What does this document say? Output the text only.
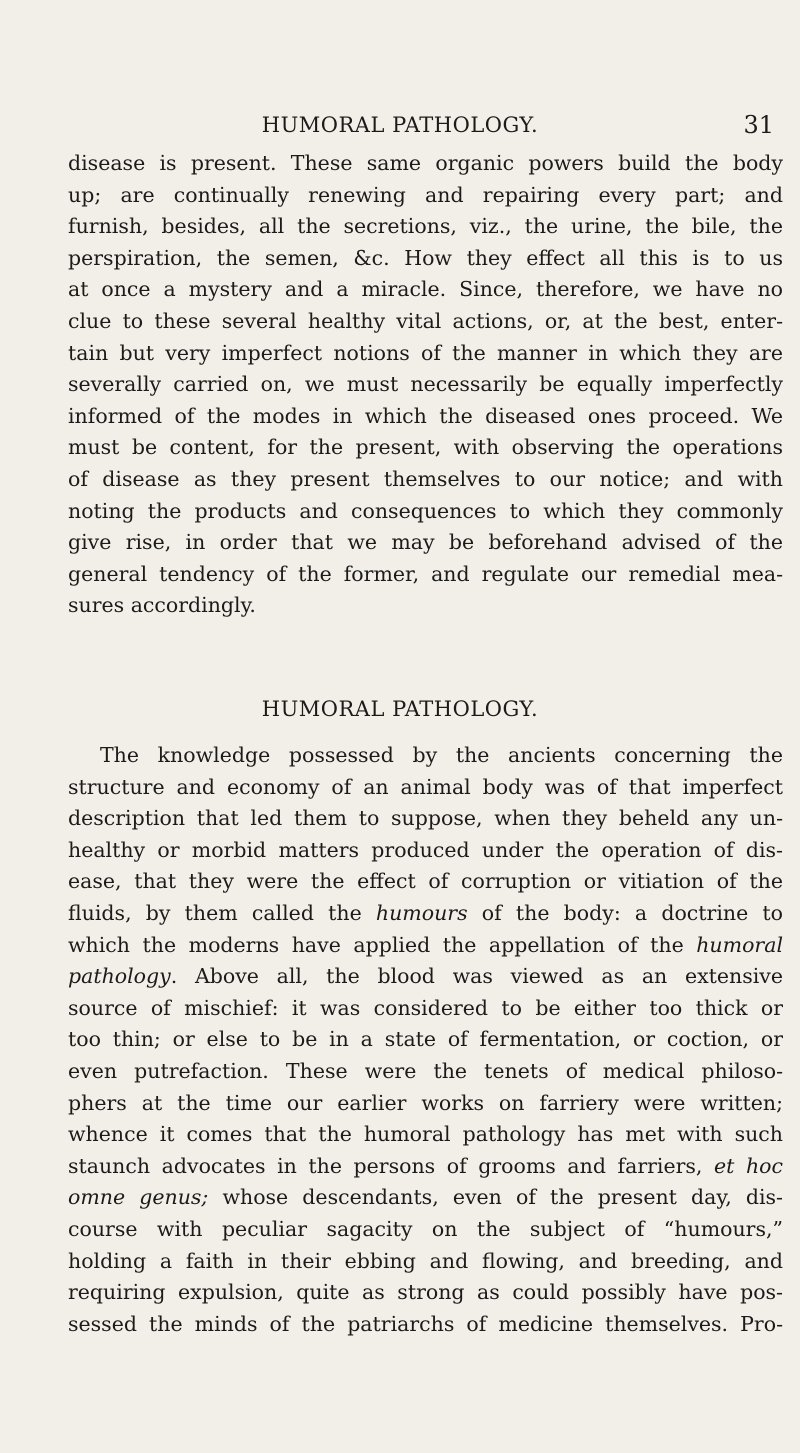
HUMORAL PATHOLOGY.	31
disease is present. These same organic powers build the body
up; are continually renewing and repairing every part; and
furnish, besides, all the secretions, viz., the urine, the bile, the
perspiration, the semen, &c. How they effect all this is to us
at once a mystery and a miracle. Since, therefore, we have no
clue to these several healthy vital actions, or, at the best, enter-
tain but very imperfect notions of the manner in which they are
severally carried on, we must necessarily be equally imperfectly
informed of the modes in which the diseased ones proceed. We
must be content, for the present, with observing the operations
of disease as they present themselves to our notice; and with
noting the products and consequences to which they commonly
give rise, in order that we may be beforehand advised of the
general tendency of the former, and regulate our remedial mea-
sures accordingly.
HUMORAL PATHOLOGY.
The knowledge possessed by the ancients concerning the
structure and economy of an animal body was of that imperfect
description that led them to suppose, when they beheld any un-
healthy or morbid matters produced under the operation of dis-
ease, that they were the effect of corruption or vitiation of the
fluids, by them called the humours of the body: a doctrine to
which the moderns have applied the appellation of the humoral
pathology. Above all, the blood was viewed as an extensive
source of mischief: it was considered to be either too thick or
too thin; or else to be in a state of fermentation, or coction, or
even putrefaction. These were the tenets of medical philoso-
phers at the time our earlier works on farriery were written;
whence it comes that the humoral pathology has met with such
staunch advocates in the persons of grooms and farriers, et hoc
omne genus; whose descendants, even of the present day, dis-
course with peculiar sagacity on the subject of “humours,”
holding a faith in their ebbing and flowing, and breeding, and
requiring expulsion, quite as strong as could possibly have pos-
sessed the minds of the patriarchs of medicine themselves. Pro-
